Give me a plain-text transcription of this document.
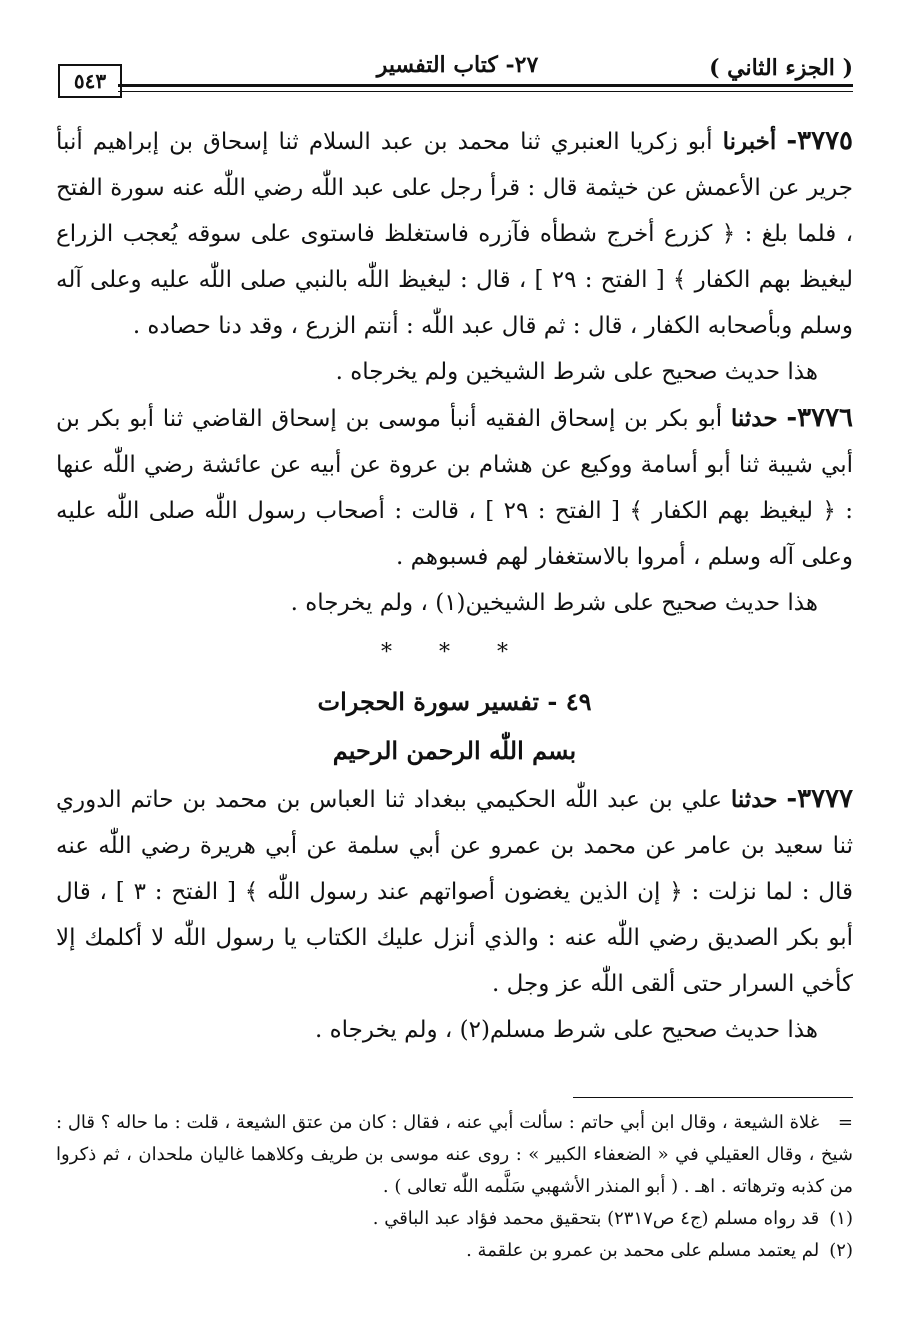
( الجزء الثاني )
٢٧- كتاب التفسير
٥٤٣

٣٧٧٥- أخبرنا أبو زكريا العنبري ثنا محمد بن عبد السلام ثنا إسحاق بن إبراهيم أنبأ جرير عن الأعمش عن خيثمة قال : قرأ رجل على عبد اللّٰه رضي اللّٰه عنه سورة الفتح ، فلما بلغ : ﴿ كزرع أخرج شطأه فآزره فاستغلظ فاستوى على سوقه يُعجب الزراع ليغيظ بهم الكفار ﴾ [ الفتح : ٢٩ ] ، قال : ليغيظ اللّٰه بالنبي صلى اللّٰه عليه وعلى آله وسلم وبأصحابه الكفار ، قال : ثم قال عبد اللّٰه : أنتم الزرع ، وقد دنا حصاده .

هذا حديث صحيح على شرط الشيخين ولم يخرجاه .

٣٧٧٦- حدثنا أبو بكر بن إسحاق الفقيه أنبأ موسى بن إسحاق القاضي ثنا أبو بكر بن أبي شيبة ثنا أبو أسامة ووكيع عن هشام بن عروة عن أبيه عن عائشة رضي اللّٰه عنها : ﴿ ليغيظ بهم الكفار ﴾ [ الفتح : ٢٩ ] ، قالت : أصحاب رسول اللّٰه صلى اللّٰه عليه وعلى آله وسلم ، أمروا بالاستغفار لهم فسبوهم .

هذا حديث صحيح على شرط الشيخين(١) ، ولم يخرجاه .

* * *
٤٩ - تفسير سورة الحجرات
بسم اللّٰه الرحمن الرحيم

٣٧٧٧- حدثنا علي بن عبد اللّٰه الحكيمي ببغداد ثنا العباس بن محمد بن حاتم الدوري ثنا سعيد بن عامر عن محمد بن عمرو عن أبي سلمة عن أبي هريرة رضي اللّٰه عنه قال : لما نزلت : ﴿ إن الذين يغضون أصواتهم عند رسول اللّٰه ﴾ [ الفتح : ٣ ] ، قال أبو بكر الصديق رضي اللّٰه عنه : والذي أنزل عليك الكتاب يا رسول اللّٰه لا أكلمك إلا كأخي السرار حتى ألقى اللّٰه عز وجل .

هذا حديث صحيح على شرط مسلم(٢) ، ولم يخرجاه .

= غلاة الشيعة ، وقال ابن أبي حاتم : سألت أبي عنه ، فقال : كان من عتق الشيعة ، قلت : ما حاله ؟ قال : شيخ ، وقال العقيلي في « الضعفاء الكبير » : روى عنه موسى بن طريف وكلاهما غاليان ملحدان ، ثم ذكروا من كذبه وترهاته . اهـ . ( أبو المنذر الأشهبي سَلَّمه اللّٰه تعالى ) .

(١) قد رواه مسلم (ج٤ ص٢٣١٧) بتحقيق محمد فؤاد عبد الباقي .

(٢) لم يعتمد مسلم على محمد بن عمرو بن علقمة .
